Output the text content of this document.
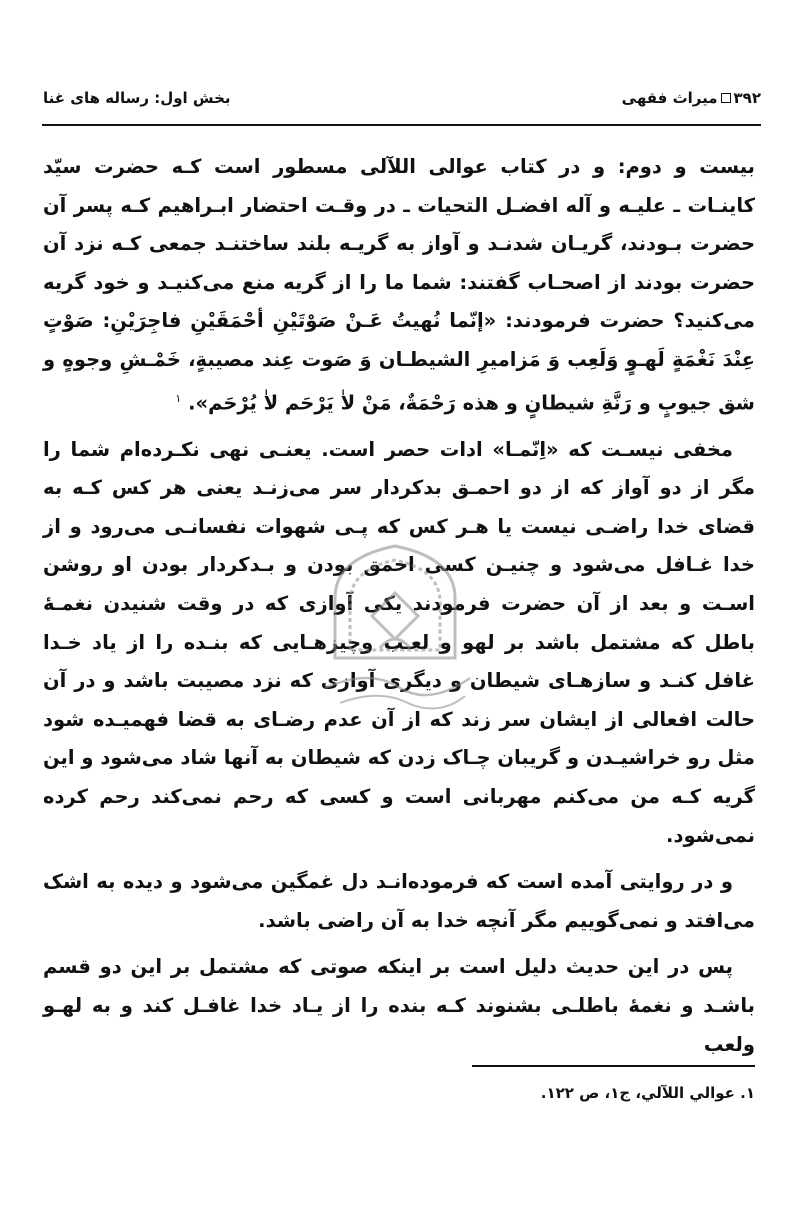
۳۹۲
میراث فقهی
بخش اول: رساله های غنا

بیست و دوم: و در کتاب عوالی اللآلی مسطور است کـه حضرت سیّد کاینـات ـ علیـه و آله افضـل التحیات ـ در وقـت احتضار ابـراهیم کـه پسر آن حضرت بـودند، گریـان شدنـد و آواز به گریـه بلند ساختنـد جمعی کـه نزد آن حضرت بودند از اصحـاب گفتند: شما ما را از گریه منع می‌کنیـد و خود گریه می‌کنید؟ حضرت فرمودند: «إنّما نُهيتُ عَـنْ صَوْتَيْنِ أحْمَقَيْنِ فاجِرَيْنِ: صَوْتٍ عِنْدَ نَغْمَةٍ لَهـوٍ وَلَعِب وَ مَزاميرِ الشيطـان وَ صَوت عِند مصيبةٍ، خَمْـشِ وجوهٍ و شق جيوبٍ و رَنَّةِ شيطانٍ و هذه رَحْمَةٌ، مَنْ لاٰ يَرْحَم لاٰ يُرْحَم». $^١$

مخفی نیسـت که «اِنّمـا» ادات حصر است. یعنـی نهی نکـرده‌ام شما را مگر از دو آواز که از دو احمـق بدکردار سر می‌زنـد یعنی هر کس کـه به قضای خدا راضـی نیست یا هـر کس که پـی شهوات نفسانـی می‌رود و از خدا غـافل می‌شود و چنیـن کسی احمق بودن و بـدکردار بودن او روشن اسـت و بعد از آن حضرت فرمودند یکی آوازی که در وقت شنیدن نغمـهٔ باطل که مشتمل باشد بر لهو و لعـب وچیزهـایی که بنـده را از یاد خـدا غافل کنـد و سازهـای شیطان و دیگری آوازی که نزد مصیبت باشد و در آن حالت افعالی از ایشان سر زند که از آن عدم رضـای به قضا فهمیـده شود مثل رو خراشیـدن و گریبان چـاک زدن که شیطان به آنها شاد می‌شود و این گریه کـه من می‌کنم مهربانی است و کسی که رحم نمی‌کند رحم کرده نمی‌شود.

و در روایتی آمده است که فرموده‌انـد دل غمگین می‌شود و دیده به اشک می‌افتد و نمی‌گوییم مگر آنچه خدا به آن راضی باشد.

پس در این حدیث دلیل است بر اینکه صوتی که مشتمل بر این دو قسم باشـد و نغمهٔ باطلـی بشنوند کـه بنده را از یـاد خدا غافـل کند و به لهـو ولعب

١. عوالي اللآلي، ج١، ص ١٢٢.
